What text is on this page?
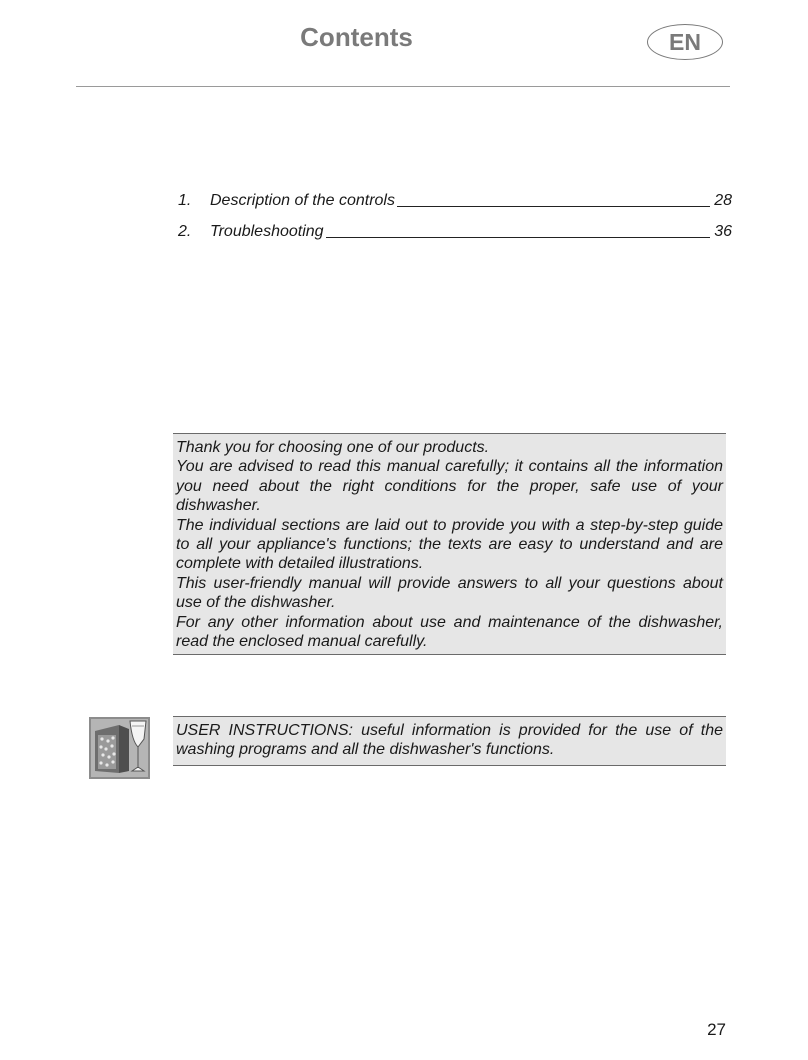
Contents	EN
1.	Description of the controls	28
2.	Troubleshooting	36

Thank you for choosing one of our products.

You are advised to read this manual carefully; it contains all the information you need about the right conditions for the proper, safe use of your dishwasher.

The individual sections are laid out to provide you with a step-by-step guide to all your appliance's functions; the texts are easy to understand and are complete with detailed illustrations.

This user-friendly manual will provide answers to all your questions about use of the dishwasher.

For any other information about use and maintenance of the dishwasher, read the enclosed manual carefully.

USER INSTRUCTIONS: useful information is provided for the use of the washing programs and all the dishwasher's functions.
27
